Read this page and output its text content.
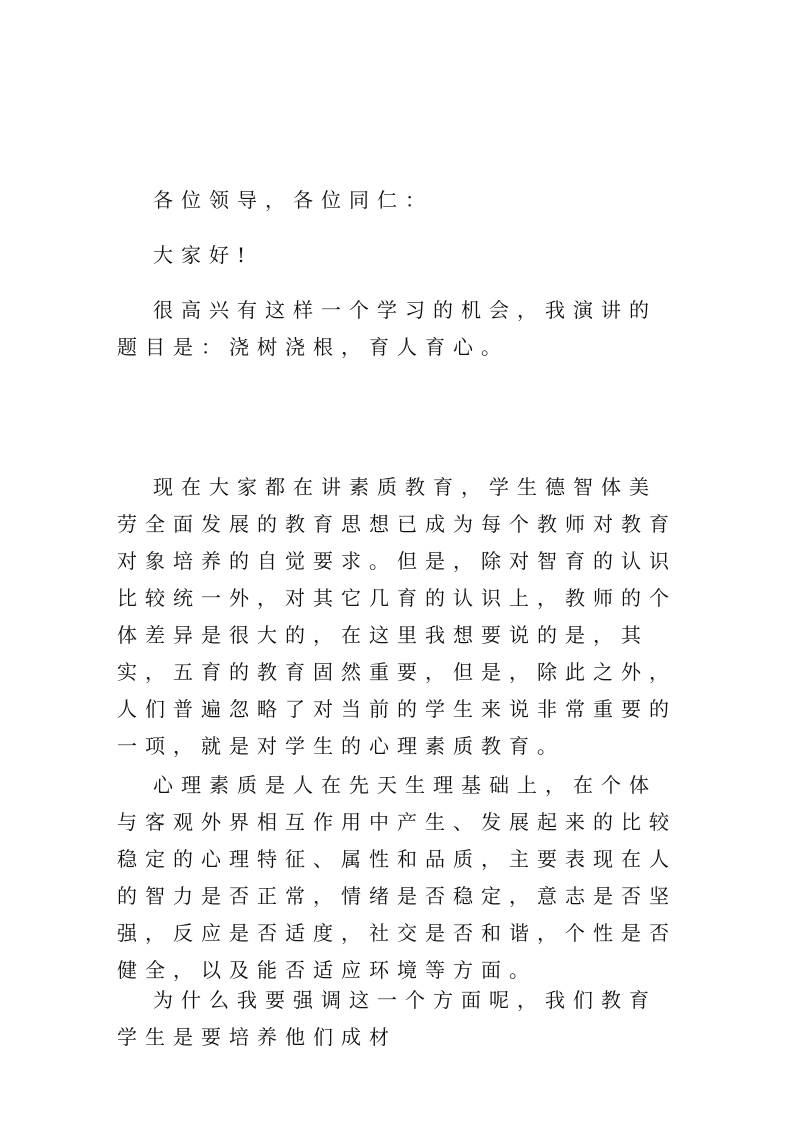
各位领导，各位同仁：

大家好!

很高兴有这样一个学习的机会，我演讲的题目是：浇树浇根，育人育心。

现在大家都在讲素质教育，学生德智体美劳全面发展的教育思想已成为每个教师对教育对象培养的自觉要求。但是，除对智育的认识比较统一外，对其它几育的认识上，教师的个体差异是很大的，在这里我想要说的是，其实，五育的教育固然重要，但是，除此之外，人们普遍忽略了对当前的学生来说非常重要的一项，就是对学生的心理素质教育。

心理素质是人在先天生理基础上，在个体与客观外界相互作用中产生、发展起来的比较稳定的心理特征、属性和品质，主要表现在人的智力是否正常，情绪是否稳定，意志是否坚强，反应是否适度，社交是否和谐，个性是否健全，以及能否适应环境等方面。

为什么我要强调这一个方面呢，我们教育学生是要培养他们成材
